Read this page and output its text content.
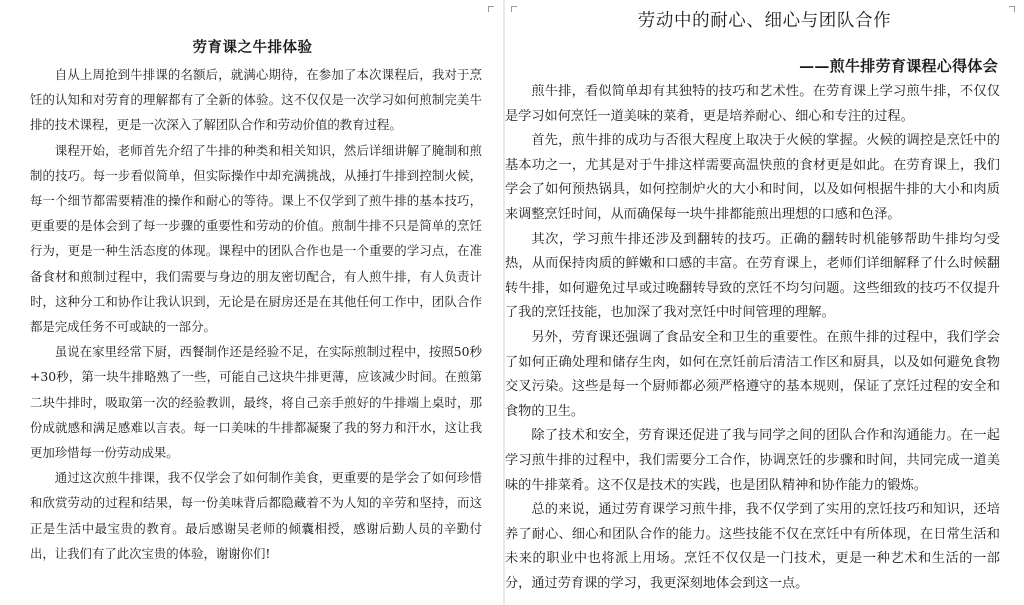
劳育课之牛排体验

自从上周抢到牛排课的名额后，就满心期待，在参加了本次课程后，我对于烹饪的认知和对劳育的理解都有了全新的体验。这不仅仅是一次学习如何煎制完美牛排的技术课程，更是一次深入了解团队合作和劳动价值的教育过程。

课程开始，老师首先介绍了牛排的种类和相关知识，然后详细讲解了腌制和煎制的技巧。每一步看似简单，但实际操作中却充满挑战，从捶打牛排到控制火候，每一个细节都需要精准的操作和耐心的等待。课上不仅学到了煎牛排的基本技巧，更重要的是体会到了每一步骤的重要性和劳动的价值。煎制牛排不只是简单的烹饪行为，更是一种生活态度的体现。课程中的团队合作也是一个重要的学习点，在准备食材和煎制过程中，我们需要与身边的朋友密切配合，有人煎牛排，有人负责计时，这种分工和协作让我认识到，无论是在厨房还是在其他任何工作中，团队合作都是完成任务不可或缺的一部分。

虽说在家里经常下厨，西餐制作还是经验不足，在实际煎制过程中，按照50秒+30秒，第一块牛排略熟了一些，可能自己这块牛排更薄，应该减少时间。在煎第二块牛排时，吸取第一次的经验教训，最终，将自己亲手煎好的牛排端上桌时，那份成就感和满足感难以言表。每一口美味的牛排都凝聚了我的努力和汗水，这让我更加珍惜每一份劳动成果。

通过这次煎牛排课，我不仅学会了如何制作美食，更重要的是学会了如何珍惜和欣赏劳动的过程和结果，每一份美味背后都隐藏着不为人知的辛劳和坚持，而这正是生活中最宝贵的教育。最后感谢吴老师的倾囊相授，感谢后勤人员的辛勤付出，让我们有了此次宝贵的体验，谢谢你们!

劳动中的耐心、细心与团队合作
——煎牛排劳育课程心得体会

煎牛排，看似简单却有其独特的技巧和艺术性。在劳育课上学习煎牛排，不仅仅是学习如何烹饪一道美味的菜肴，更是培养耐心、细心和专注的过程。

首先，煎牛排的成功与否很大程度上取决于火候的掌握。火候的调控是烹饪中的基本功之一，尤其是对于牛排这样需要高温快煎的食材更是如此。在劳育课上，我们学会了如何预热锅具，如何控制炉火的大小和时间，以及如何根据牛排的大小和肉质来调整烹饪时间，从而确保每一块牛排都能煎出理想的口感和色泽。

其次，学习煎牛排还涉及到翻转的技巧。正确的翻转时机能够帮助牛排均匀受热，从而保持肉质的鲜嫩和口感的丰富。在劳育课上，老师们详细解释了什么时候翻转牛排，如何避免过早或过晚翻转导致的烹饪不均匀问题。这些细致的技巧不仅提升了我的烹饪技能，也加深了我对烹饪中时间管理的理解。

另外，劳育课还强调了食品安全和卫生的重要性。在煎牛排的过程中，我们学会了如何正确处理和储存生肉，如何在烹饪前后清洁工作区和厨具，以及如何避免食物交叉污染。这些是每一个厨师都必须严格遵守的基本规则，保证了烹饪过程的安全和食物的卫生。

除了技术和安全，劳育课还促进了我与同学之间的团队合作和沟通能力。在一起学习煎牛排的过程中，我们需要分工合作，协调烹饪的步骤和时间，共同完成一道美味的牛排菜肴。这不仅是技术的实践，也是团队精神和协作能力的锻炼。

总的来说，通过劳育课学习煎牛排，我不仅学到了实用的烹饪技巧和知识，还培养了耐心、细心和团队合作的能力。这些技能不仅在烹饪中有所体现，在日常生活和未来的职业中也将派上用场。烹饪不仅仅是一门技术，更是一种艺术和生活的一部分，通过劳育课的学习，我更深刻地体会到这一点。
